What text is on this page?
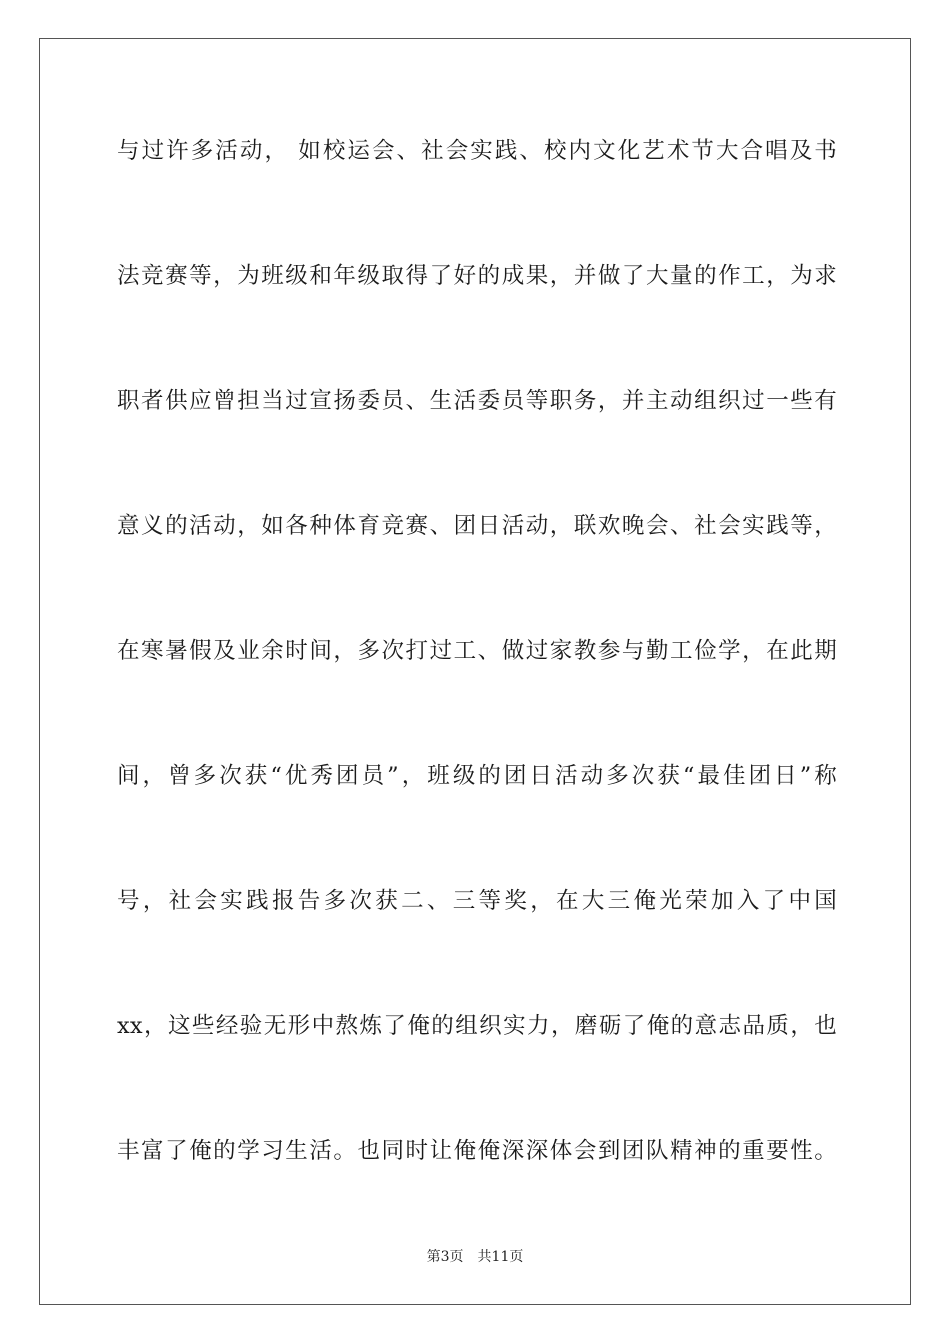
与过许多活动， 如校运会、社会实践、校内文化艺术节大合唱及书
法竞赛等，为班级和年级取得了好的成果，并做了大量的作工，为求
职者供应曾担当过宣扬委员、生活委员等职务，并主动组织过一些有
意义的活动，如各种体育竞赛、团日活动，联欢晚会、社会实践等，
在寒暑假及业余时间，多次打过工、做过家教参与勤工俭学，在此期
间，曾多次获“优秀团员”，班级的团日活动多次获“最佳团日”称
号，社会实践报告多次获二、三等奖，在大三俺光荣加入了中国
xx，这些经验无形中熬炼了俺的组织实力，磨砺了俺的意志品质，也
丰富了俺的学习生活。也同时让俺俺深深体会到团队精神的重要性。
第3页 共11页
